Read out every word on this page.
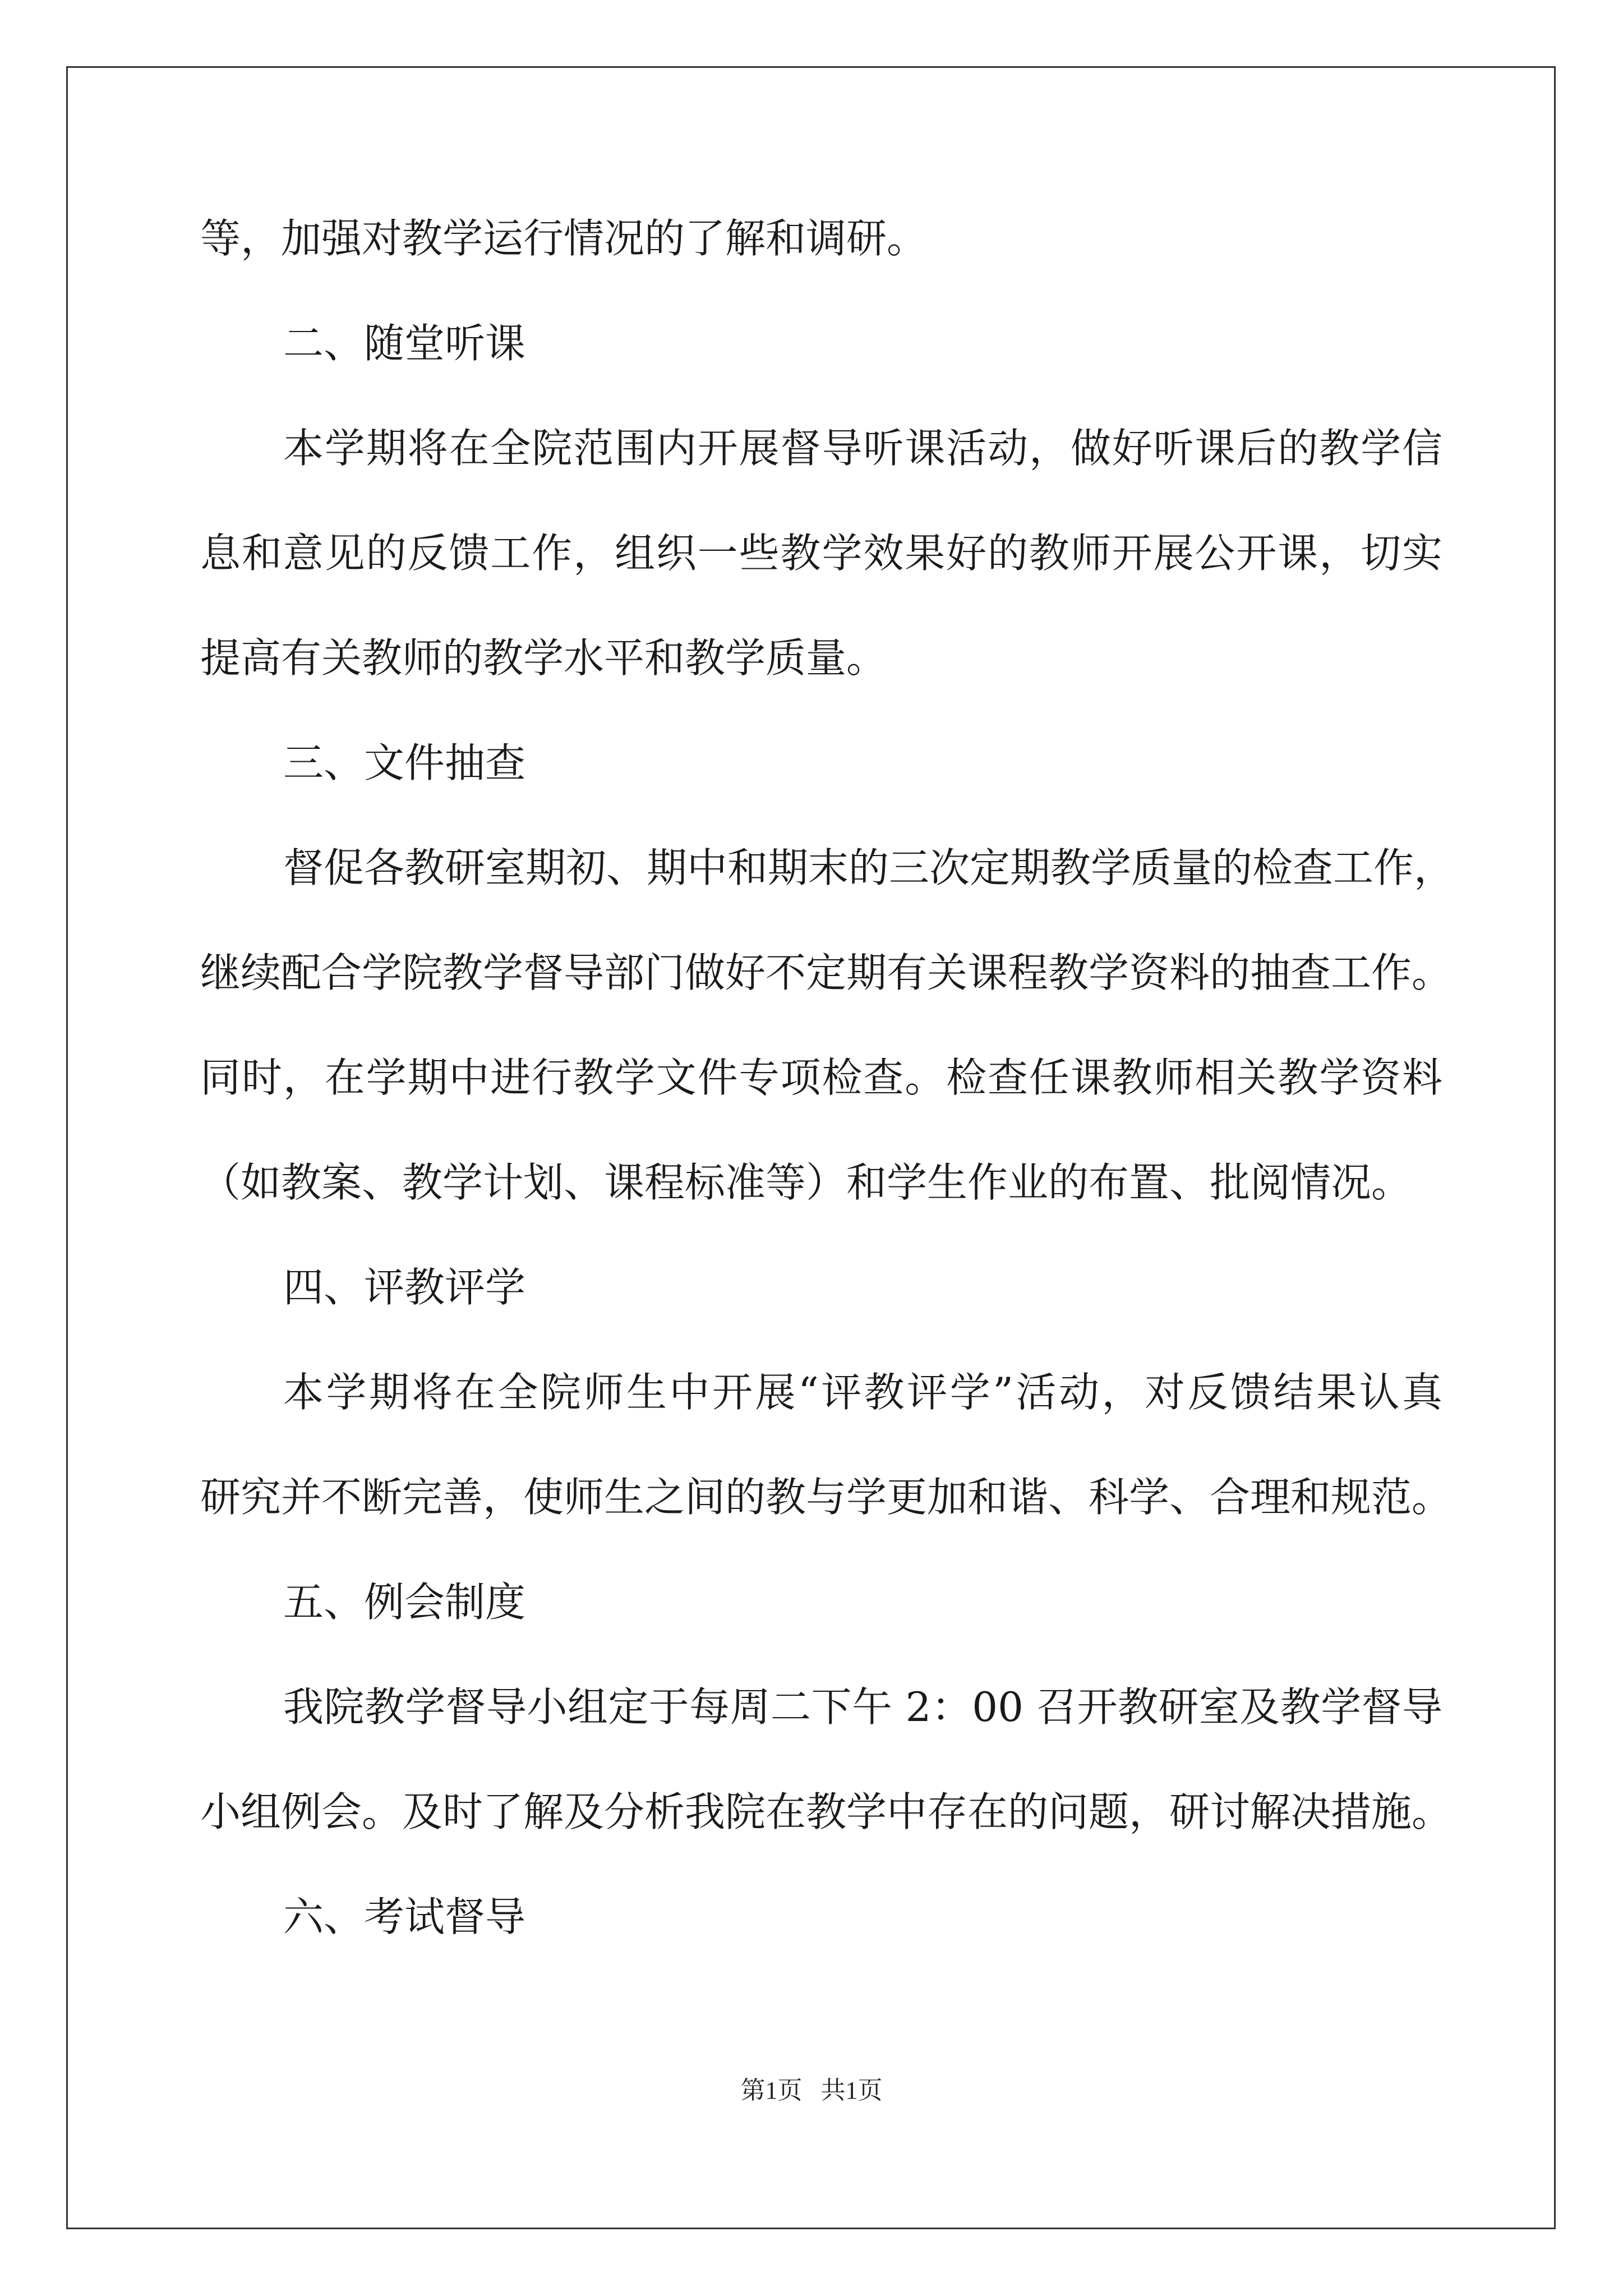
等，加强对教学运行情况的了解和调研。
二、随堂听课
本学期将在全院范围内开展督导听课活动，做好听课后的教学信
息和意见的反馈工作，组织一些教学效果好的教师开展公开课，切实
提高有关教师的教学水平和教学质量。
三、文件抽查
督促各教研室期初、期中和期末的三次定期教学质量的检查工作，
继续配合学院教学督导部门做好不定期有关课程教学资料的抽查工作。
同时，在学期中进行教学文件专项检查。检查任课教师相关教学资料
（如教案、教学计划、课程标准等）和学生作业的布置、批阅情况。
四、评教评学
本学期将在全院师生中开展“评教评学”活动，对反馈结果认真
研究并不断完善，使师生之间的教与学更加和谐、科学、合理和规范。
五、例会制度
我院教学督导小组定于每周二下午 2：00 召开教研室及教学督导
小组例会。及时了解及分析我院在教学中存在的问题，研讨解决措施。
六、考试督导
第1页   共1页
